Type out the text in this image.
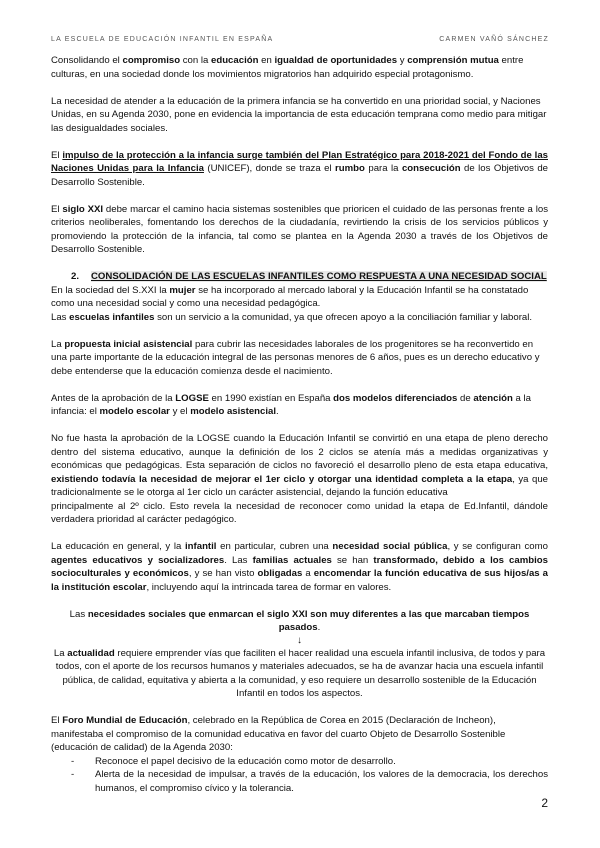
LA ESCUELA DE EDUCACIÓN INFANTIL EN ESPAÑA	CARMEN VAÑÓ SÁNCHEZ

Consolidando el compromiso con la educación en igualdad de oportunidades y comprensión mutua entre culturas, en una sociedad donde los movimientos migratorios han adquirido especial protagonismo.

La necesidad de atender a la educación de la primera infancia se ha convertido en una prioridad social, y Naciones Unidas, en su Agenda 2030, pone en evidencia la importancia de esta educación temprana como medio para mitigar las desigualdades sociales.

El impulso de la protección a la infancia surge también del Plan Estratégico para 2018-2021 del Fondo de las Naciones Unidas para la Infancia (UNICEF), donde se traza el rumbo para la consecución de los Objetivos de Desarrollo Sostenible.

El siglo XXI debe marcar el camino hacia sistemas sostenibles que prioricen el cuidado de las personas frente a los criterios neoliberales, fomentando los derechos de la ciudadanía, revirtiendo la crisis de los servicios públicos y promoviendo la protección de la infancia, tal como se plantea en la Agenda 2030 a través de los Objetivos de Desarrollo Sostenible.

2.	CONSOLIDACIÓN DE LAS ESCUELAS INFANTILES COMO RESPUESTA A UNA NECESIDAD SOCIAL

En la sociedad del S.XXI la mujer se ha incorporado al mercado laboral y la Educación Infantil se ha constatado como una necesidad social y como una necesidad pedagógica.

Las escuelas infantiles son un servicio a la comunidad, ya que ofrecen apoyo a la conciliación familiar y laboral.

La propuesta inicial asistencial para cubrir las necesidades laborales de los progenitores se ha reconvertido en una parte importante de la educación integral de las personas menores de 6 años, pues es un derecho educativo y debe entenderse que la educación comienza desde el nacimiento.

Antes de la aprobación de la LOGSE en 1990 existían en España dos modelos diferenciados de atención a la infancia: el modelo escolar y el modelo asistencial.

No fue hasta la aprobación de la LOGSE cuando la Educación Infantil se convirtió en una etapa de pleno derecho dentro del sistema educativo, aunque la definición de los 2 ciclos se atenía más a medidas organizativas y económicas que pedagógicas. Esta separación de ciclos no favoreció el desarrollo pleno de esta etapa educativa, existiendo todavía la necesidad de mejorar el 1er ciclo y otorgar una identidad completa a la etapa, ya que tradicionalmente se le otorga al 1er ciclo un carácter asistencial, dejando la función educativa

principalmente al 2º ciclo. Esto revela la necesidad de reconocer como unidad la etapa de Ed.Infantil, dándole verdadera prioridad al carácter pedagógico.

La educación en general, y la infantil en particular, cubren una necesidad social pública, y se configuran como agentes educativos y socializadores. Las familias actuales se han transformado, debido a los cambios socioculturales y económicos, y se han visto obligadas a encomendar la función educativa de sus hijos/as a la institución escolar, incluyendo aquí la intrincada tarea de formar en valores.

Las necesidades sociales que enmarcan el siglo XXI son muy diferentes a las que marcaban tiempos pasados.

↓

La actualidad requiere emprender vías que faciliten el hacer realidad una escuela infantil inclusiva, de todos y para todos, con el aporte de los recursos humanos y materiales adecuados, se ha de avanzar hacia una escuela infantil pública, de calidad, equitativa y abierta a la comunidad, y eso requiere un desarrollo sostenible de la Educación Infantil en todos los aspectos.

El Foro Mundial de Educación, celebrado en la República de Corea en 2015 (Declaración de Incheon), manifestaba el compromiso de la comunidad educativa en favor del cuarto Objeto de Desarrollo Sostenible (educación de calidad) de la Agenda 2030:

-	Reconoce el papel decisivo de la educación como motor de desarrollo.
-	Alerta de la necesidad de impulsar, a través de la educación, los valores de la democracia, los derechos humanos, el compromiso cívico y la tolerancia.
2
